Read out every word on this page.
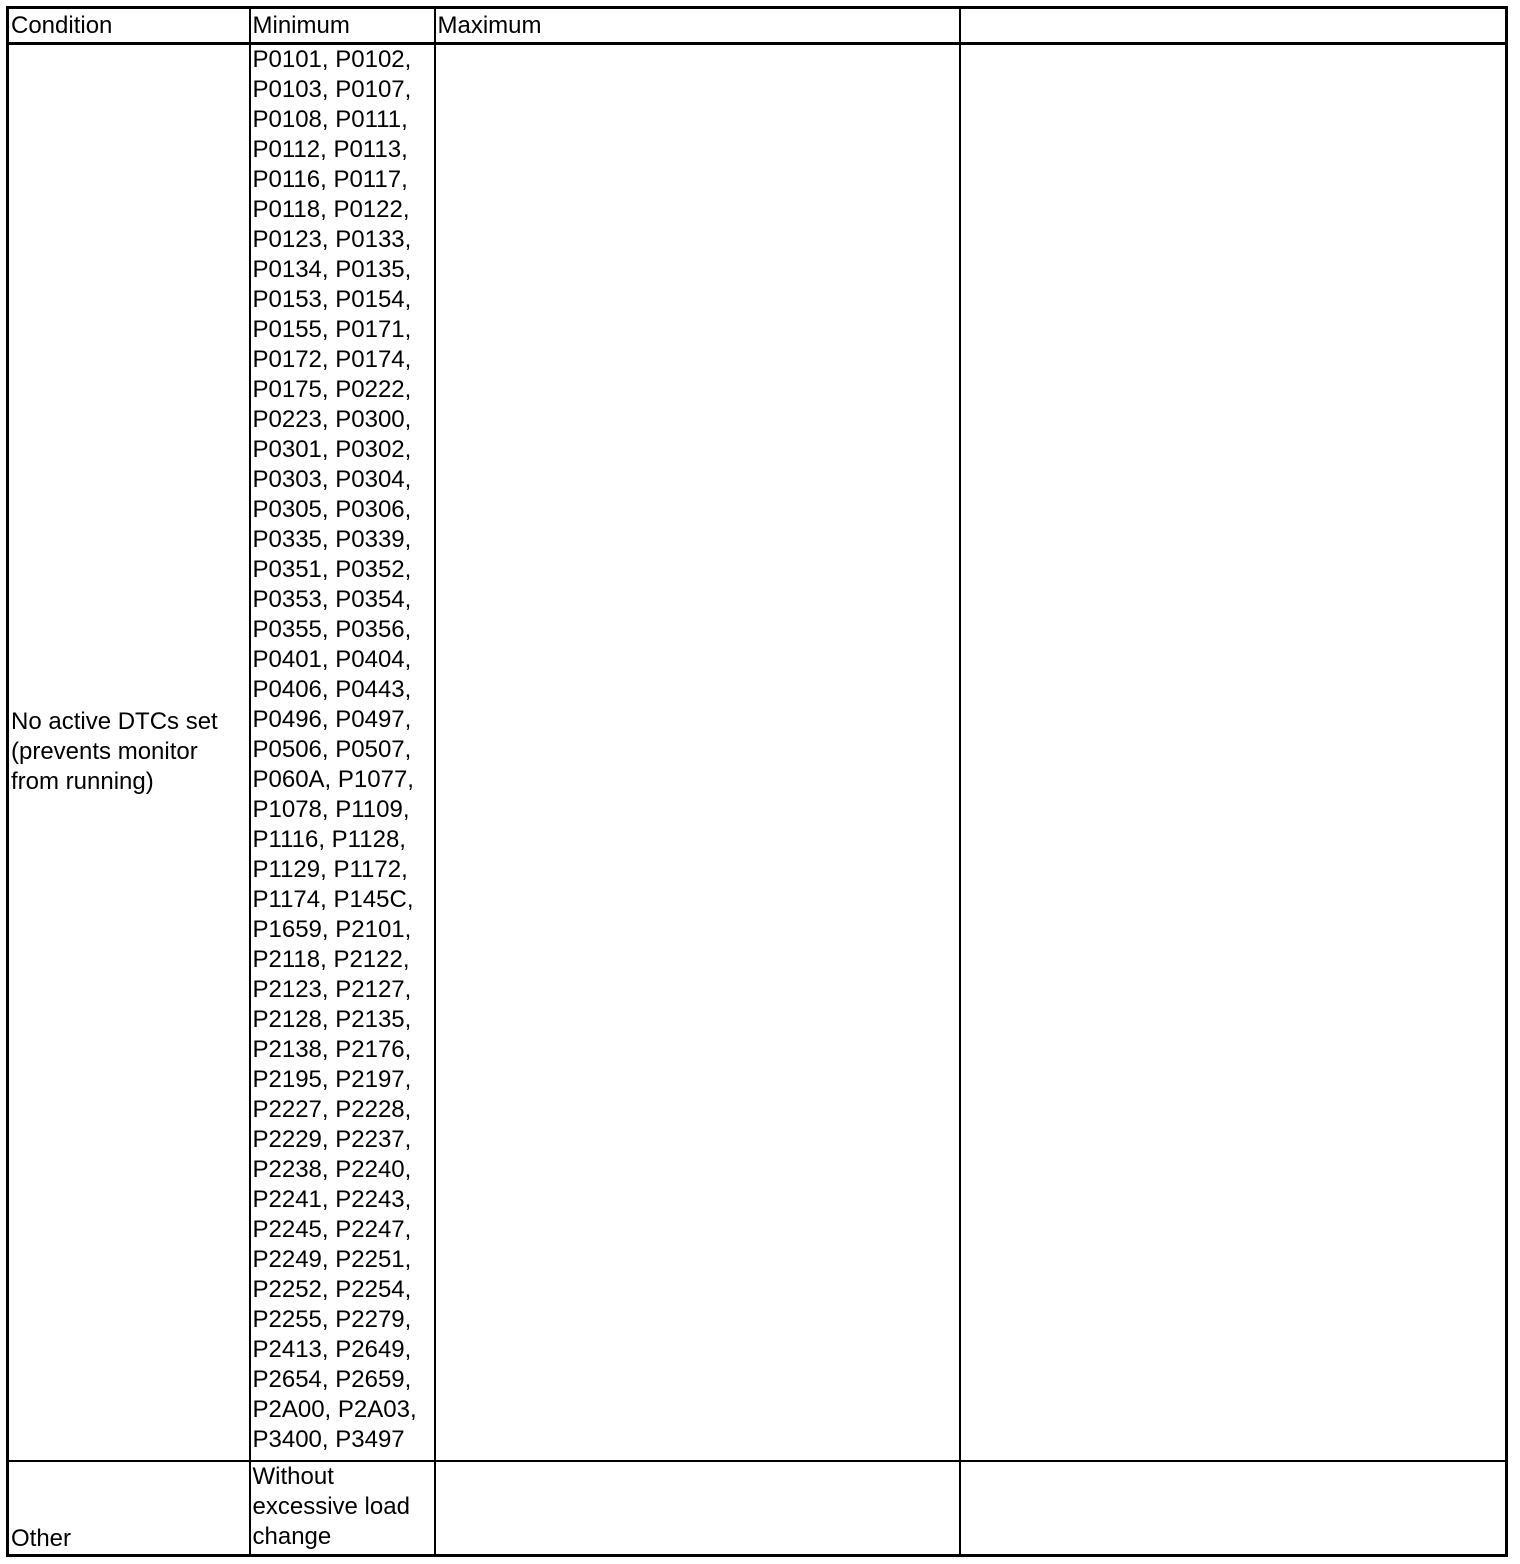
Condition	Minimum	Maximum	
No active DTCs set (prevents monitor from running)	P0101, P0102, P0103, P0107, P0108, P0111, P0112, P0113, P0116, P0117, P0118, P0122, P0123, P0133, P0134, P0135, P0153, P0154, P0155, P0171, P0172, P0174, P0175, P0222, P0223, P0300, P0301, P0302, P0303, P0304, P0305, P0306, P0335, P0339, P0351, P0352, P0353, P0354, P0355, P0356, P0401, P0404, P0406, P0443, P0496, P0497, P0506, P0507, P060A, P1077, P1078, P1109, P1116, P1128, P1129, P1172, P1174, P145C, P1659, P2101, P2118, P2122, P2123, P2127, P2128, P2135, P2138, P2176, P2195, P2197, P2227, P2228, P2229, P2237, P2238, P2240, P2241, P2243, P2245, P2247, P2249, P2251, P2252, P2254, P2255, P2279, P2413, P2649, P2654, P2659, P2A00, P2A03, P3400, P3497		

Other	Without excessive load change		
